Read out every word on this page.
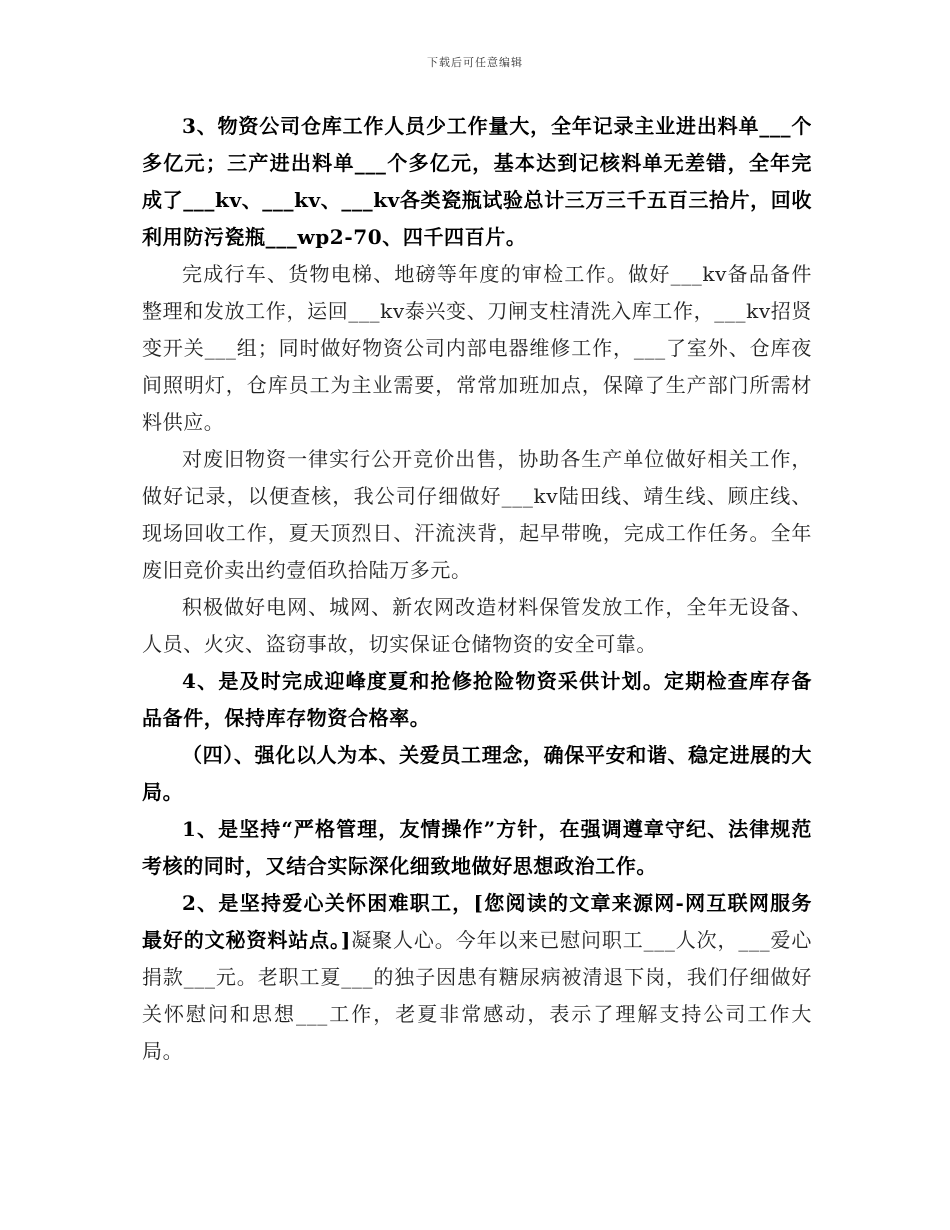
下载后可任意编辑

3、物资公司仓库工作人员少工作量大，全年记录主业进出料单___个多亿元；三产进出料单___个多亿元，基本达到记核料单无差错，全年完成了___kv、___kv、___kv各类瓷瓶试验总计三万三千五百三拾片，回收利用防污瓷瓶___wp2-70、四千四百片。

完成行车、货物电梯、地磅等年度的审检工作。做好___kv备品备件整理和发放工作，运回___kv泰兴变、刀闸支柱清洗入库工作，___kv招贤变开关___组；同时做好物资公司内部电器维修工作，___了室外、仓库夜间照明灯，仓库员工为主业需要，常常加班加点，保障了生产部门所需材料供应。

对废旧物资一律实行公开竞价出售，协助各生产单位做好相关工作，做好记录，以便查核，我公司仔细做好___kv陆田线、靖生线、顾庄线、现场回收工作，夏天顶烈日、汗流浃背，起早带晚，完成工作任务。全年废旧竞价卖出约壹佰玖拾陆万多元。

积极做好电网、城网、新农网改造材料保管发放工作，全年无设备、人员、火灾、盗窃事故，切实保证仓储物资的安全可靠。

4、是及时完成迎峰度夏和抢修抢险物资采供计划。定期检查库存备品备件，保持库存物资合格率。

（四）、强化以人为本、关爱员工理念，确保平安和谐、稳定进展的大局。

1、是坚持“严格管理，友情操作”方针，在强调遵章守纪、法律规范考核的同时，又结合实际深化细致地做好思想政治工作。

2、是坚持爱心关怀困难职工，[您阅读的文章来源网-网互联网服务最好的文秘资料站点。]凝聚人心。今年以来已慰问职工___人次，___爱心捐款___元。老职工夏___的独子因患有糖尿病被清退下岗，我们仔细做好关怀慰问和思想___工作，老夏非常感动，表示了理解支持公司工作大局。
